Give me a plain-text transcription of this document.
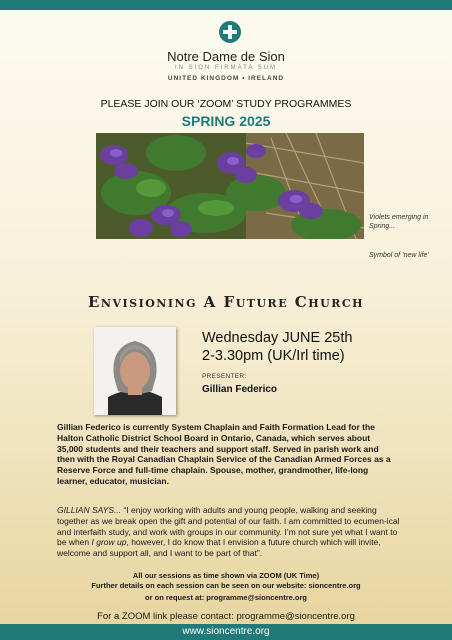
Notre Dame de Sion
IN SION FIRMATA SUM
UNITED KINGDOM • IRELAND
PLEASE JOIN OUR ‘ZOOM’ STUDY PROGRAMMES
SPRING 2025
Violets emerging in Spring...
Symbol of ‘new life’
Envisioning A Future Church
Wednesday JUNE 25th
2-3.30pm (UK/Irl time)
PRESENTER:
Gillian Federico

Gillian Federico is currently System Chaplain and Faith Formation Lead for the Halton Catholic District School Board in Ontario, Canada, which serves about 35,000 students and their teachers and support staff. Served in parish work and then with the Royal Canadian Chaplain Service of the Canadian Armed Forces as a Reserve Force and full-time chaplain. Spouse, mother, grandmother, life-long learner, educator, musician.

GILLIAN SAYS... “I enjoy working with adults and young people, walking and seeking together as we break open the gift and potential of our faith. I am committed to ecumen-ical and interfaith study, and work with groups in our community. I’m not sure yet what I want to be when I grow up, however, I do know that I envision a future church which will invite, welcome and support all, and I want to be part of that”.

All our sessions as time shown via ZOOM (UK Time)
Further details on each session can be seen on our website: sioncentre.org
or on request at: programme@sioncentre.org
For a ZOOM link please contact: programme@sioncentre.org
www.sioncentre.org
